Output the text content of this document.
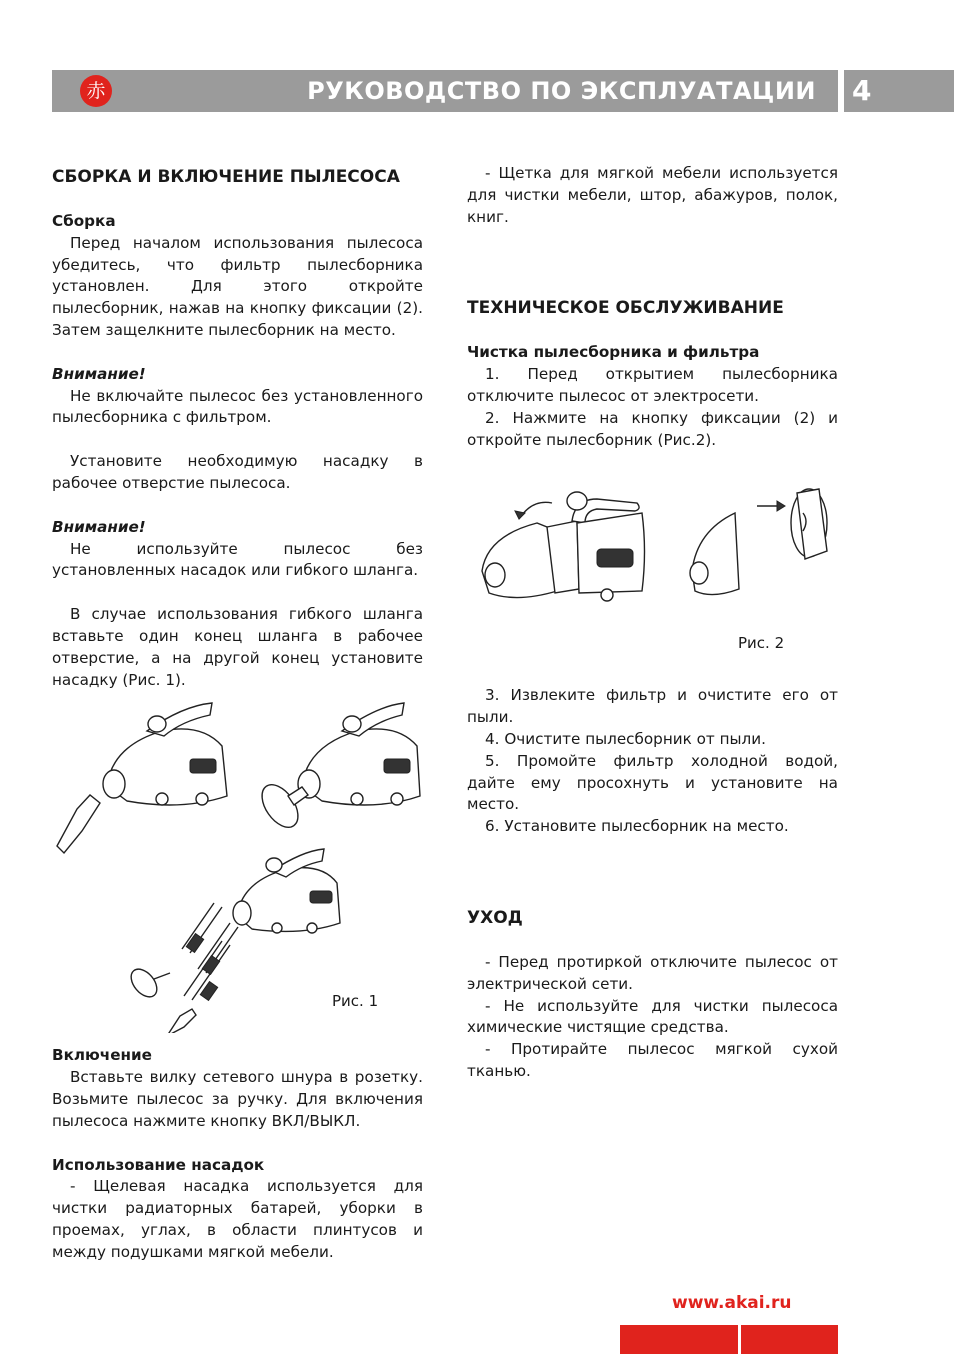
赤	РУКОВОДСТВО ПО ЭКСПЛУАТАЦИИ 4
СБОРКА И ВКЛЮЧЕНИЕ ПЫЛЕСОСА
Сборка

Перед началом использования пылесоса убедитесь, что фильтр пылесборника установлен. Для этого откройте пылесборник, нажав на кнопку фиксации (2). Затем защелкните пылесборник на место.

Внимание!

Не включайте пылесос без установленного пылесборника с фильтром.

Установите необходимую насадку в рабочее отверстие пылесоса.

Внимание!

Не используйте пылесос без установленных насадок или гибкого шланга.

В случае использования гибкого шланга вставьте один конец шланга в рабочее отверстие, а на другой конец установите насадку (Рис. 1).

Рис. 1
Включение

Вставьте вилку сетевого шнура в розетку. Возьмите пылесос за ручку. Для включения пылесоса нажмите кнопку ВКЛ/ВЫКЛ.

Использование насадок

- Щелевая насадка используется для чистки радиаторных батарей, уборки в проемах, углах, в области плинтусов и между подушками мягкой мебели.

- Щетка для мягкой мебели используется для чистки мебели, штор, абажуров, полок, книг.

ТЕХНИЧЕСКОЕ ОБСЛУЖИВАНИЕ
Чистка пылесборника и фильтра

1. Перед открытием пылесборника отключите пылесос от электросети.

2. Нажмите на кнопку фиксации (2) и откройте пылесборник (Рис.2).

Рис. 2

3. Извлеките фильтр и очистите его от пыли.

4. Очистите пылесборник от пыли.

5. Промойте фильтр холодной водой, дайте ему просохнуть и установите на место.

6. Установите пылесборник на место.

УХОД

- Перед протиркой отключите пылесос от электрической сети.

- Не используйте для чистки пылесоса химические чистящие средства.

- Протирайте пылесос мягкой сухой тканью.

www.akai.ru
